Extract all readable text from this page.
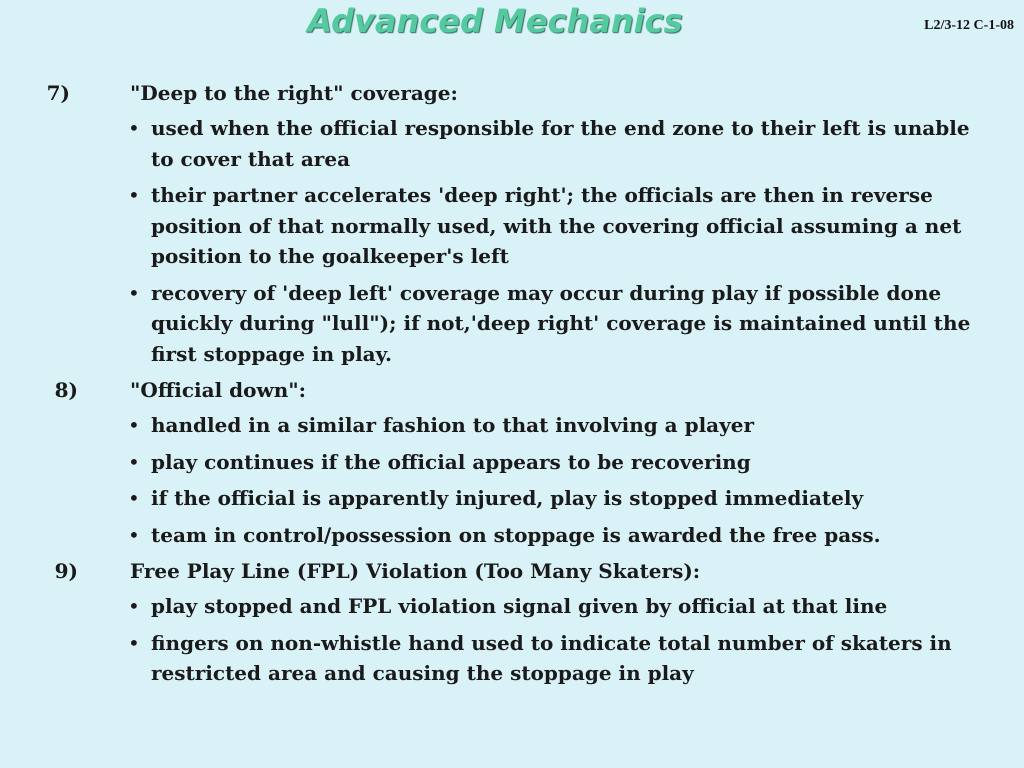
Advanced Mechanics	L2/3-12 C-1-08
7)	"Deep to the right" coverage:
• used when the official responsible for the end zone to their left is unable to cover that area
• their partner accelerates 'deep right'; the officials are then in reverse position of that normally used, with the covering official assuming a net position to the goalkeeper's left
• recovery of 'deep left' coverage may occur during play if possible done quickly during "lull"); if not,'deep right' coverage is maintained until the first stoppage in play.
8)	"Official down":
• handled in a similar fashion to that involving a player
• play continues if the official appears to be recovering
• if the official is apparently injured, play is stopped immediately
• team in control/possession on stoppage is awarded the free pass.
9)	Free Play Line (FPL) Violation (Too Many Skaters):
• play stopped and FPL violation signal given by official at that line
• fingers on non-whistle hand used to indicate total number of skaters in restricted area and causing the stoppage in play
